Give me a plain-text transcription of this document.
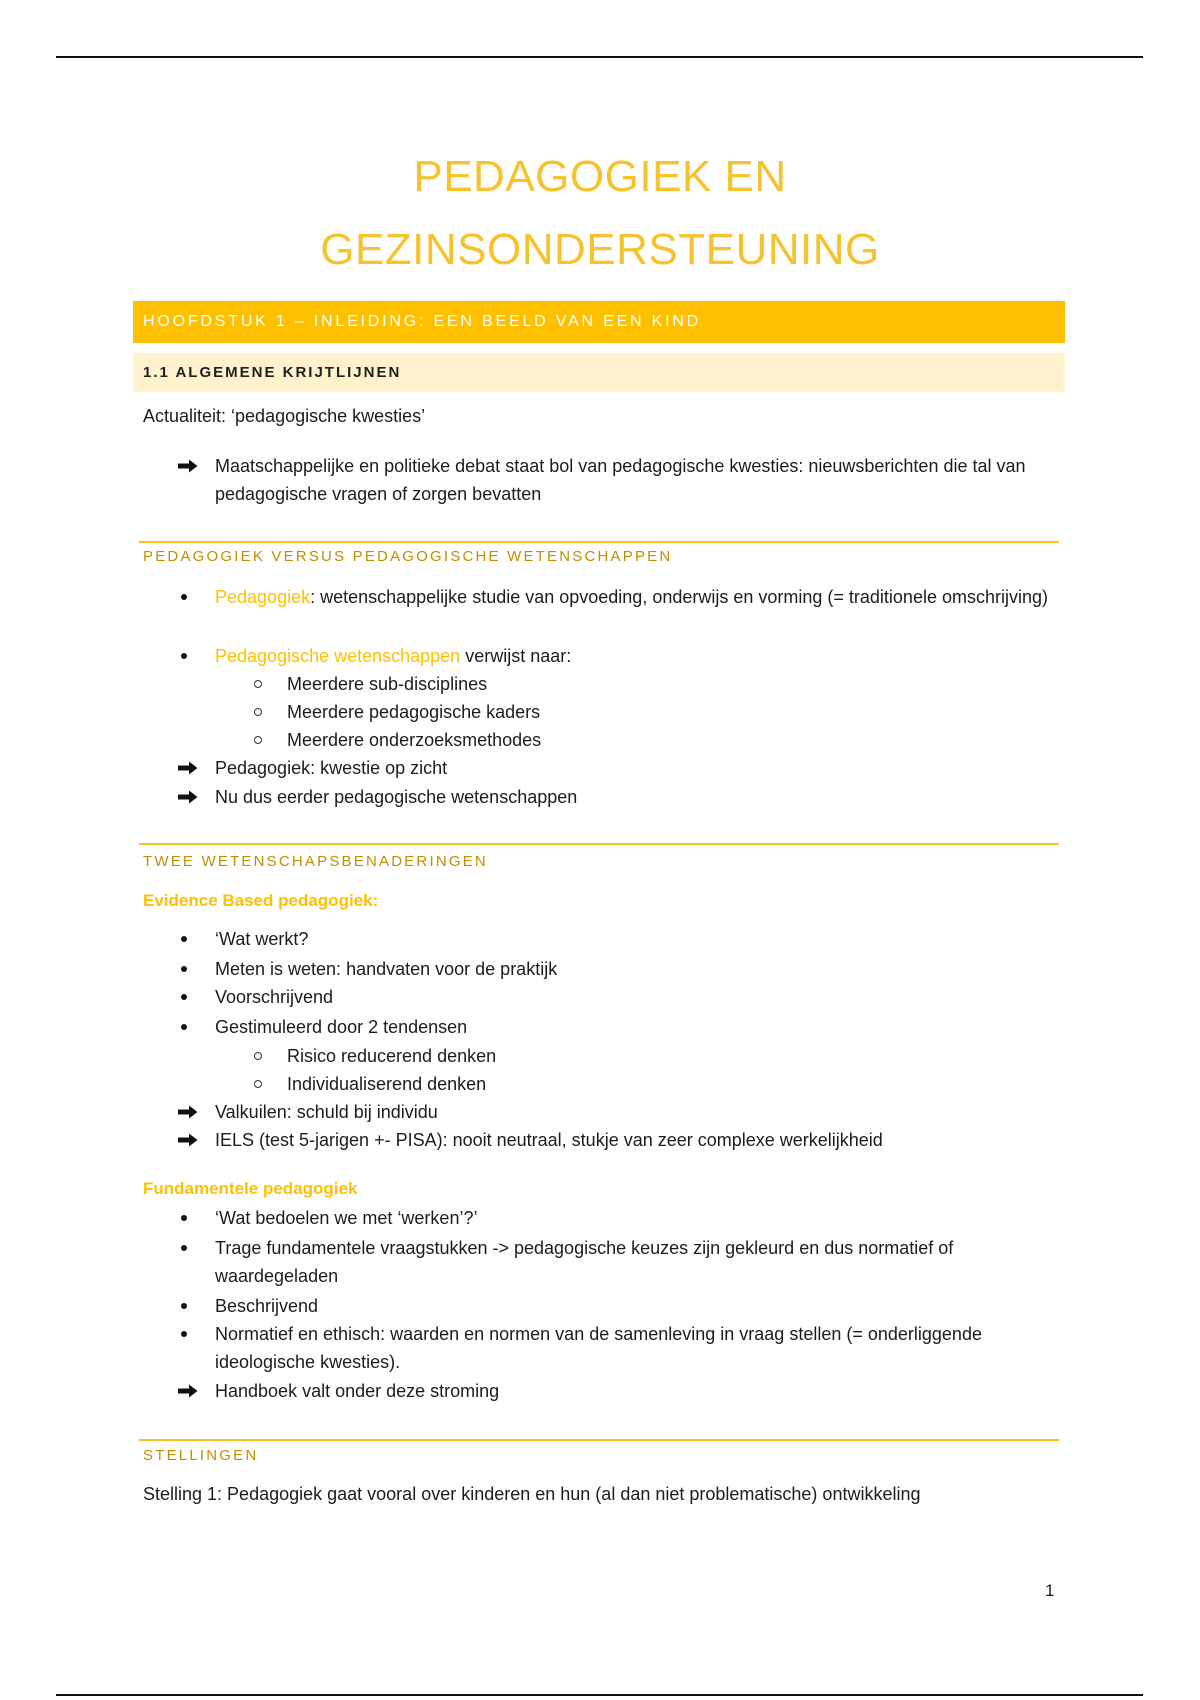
PEDAGOGIEK EN
GEZINSONDERSTEUNING
HOOFDSTUK 1 – INLEIDING: EEN BEELD VAN EEN KIND
1.1 ALGEMENE KRIJTLIJNEN
Actualiteit: ‘pedagogische kwesties’
Maatschappelijke en politieke debat staat bol van pedagogische kwesties: nieuwsberichten die tal van pedagogische vragen of zorgen bevatten
PEDAGOGIEK VERSUS PEDAGOGISCHE WETENSCHAPPEN
Pedagogiek: wetenschappelijke studie van opvoeding, onderwijs en vorming (= traditionele omschrijving)
Pedagogische wetenschappen verwijst naar:
Meerdere sub-disciplines
Meerdere pedagogische kaders
Meerdere onderzoeksmethodes
Pedagogiek: kwestie op zicht
Nu dus eerder pedagogische wetenschappen
TWEE WETENSCHAPSBENADERINGEN
Evidence Based pedagogiek:
‘Wat werkt?
Meten is weten: handvaten voor de praktijk
Voorschrijvend
Gestimuleerd door 2 tendensen
Risico reducerend denken
Individualiserend denken
Valkuilen: schuld bij individu
IELS (test 5-jarigen +- PISA): nooit neutraal, stukje van zeer complexe werkelijkheid
Fundamentele pedagogiek
‘Wat bedoelen we met ‘werken’?’
Trage fundamentele vraagstukken -> pedagogische keuzes zijn gekleurd en dus normatief of waardegeladen
Beschrijvend
Normatief en ethisch: waarden en normen van de samenleving in vraag stellen (= onderliggende ideologische kwesties).
Handboek valt onder deze stroming
STELLINGEN
Stelling 1: Pedagogiek gaat vooral over kinderen en hun (al dan niet problematische) ontwikkeling
1
